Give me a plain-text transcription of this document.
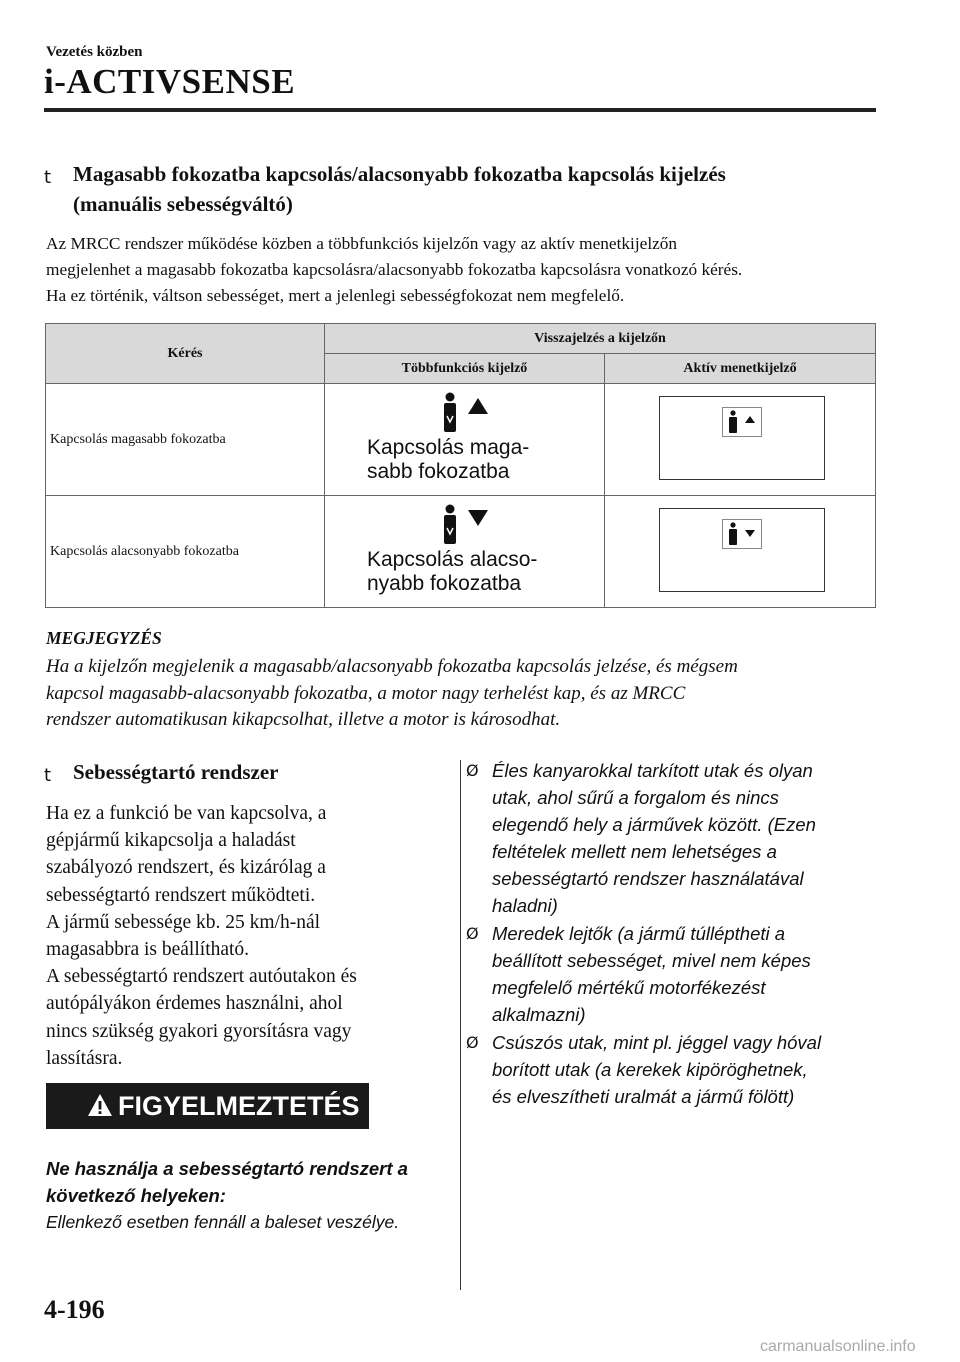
Vezetés közben
i-ACTIVSENSE
t Magasabb fokozatba kapcsolás/alacsonyabb fokozatba kapcsolás kijelzés
(manuális sebességváltó)
Az MRCC rendszer működése közben a többfunkciós kijelzőn vagy az aktív menetkijelzőn
megjelenhet a magasabb fokozatba kapcsolásra/alacsonyabb fokozatba kapcsolásra vonatkozó kérés.
Ha ez történik, váltson sebességet, mert a jelenlegi sebességfokozat nem megfelelő.
Kérés	Visszajelzés a kijelzőn	
	Többfunkciós kijelző	Aktív menetkijelző
Kapcsolás magasabb fokozatba	Kapcsolás maga-
sabb fokozatba

Kapcsolás alacsonyabb fokozatba	Kapcsolás alacso-
nyabb fokozatba

MEGJEGYZÉS
Ha a kijelzőn megjelenik a magasabb/alacsonyabb fokozatba kapcsolás jelzése, és mégsem
kapcsol magasabb-alacsonyabb fokozatba, a motor nagy terhelést kap, és az MRCC
rendszer automatikusan kikapcsolhat, illetve a motor is károsodhat.
t Sebességtartó rendszer
Ha ez a funkció be van kapcsolva, a
gépjármű kikapcsolja a haladást
szabályozó rendszert, és kizárólag a
sebességtartó rendszert működteti.
A jármű sebessége kb. 25 km/h-nál
magasabbra is beállítható.
A sebességtartó rendszert autóutakon és
autópályákon érdemes használni, ahol
nincs szükség gyakori gyorsításra vagy
lassításra.
FIGYELMEZTETÉS
Ne használja a sebességtartó rendszert a
következő helyeken:
Ellenkező esetben fennáll a baleset veszélye.
Ø Éles kanyarokkal tarkított utak és olyan
utak, ahol sűrű a forgalom és nincs
elegendő hely a járművek között. (Ezen
feltételek mellett nem lehetséges a
sebességtartó rendszer használatával
haladni)
Ø Meredek lejtők (a jármű túlléptheti a
beállított sebességet, mivel nem képes
megfelelő mértékű motorfékezést
alkalmazni)
Ø Csúszós utak, mint pl. jéggel vagy hóval
borított utak (a kerekek kipöröghetnek,
és elveszítheti uralmát a jármű fölött)
4-196
carmanualsonline.info
